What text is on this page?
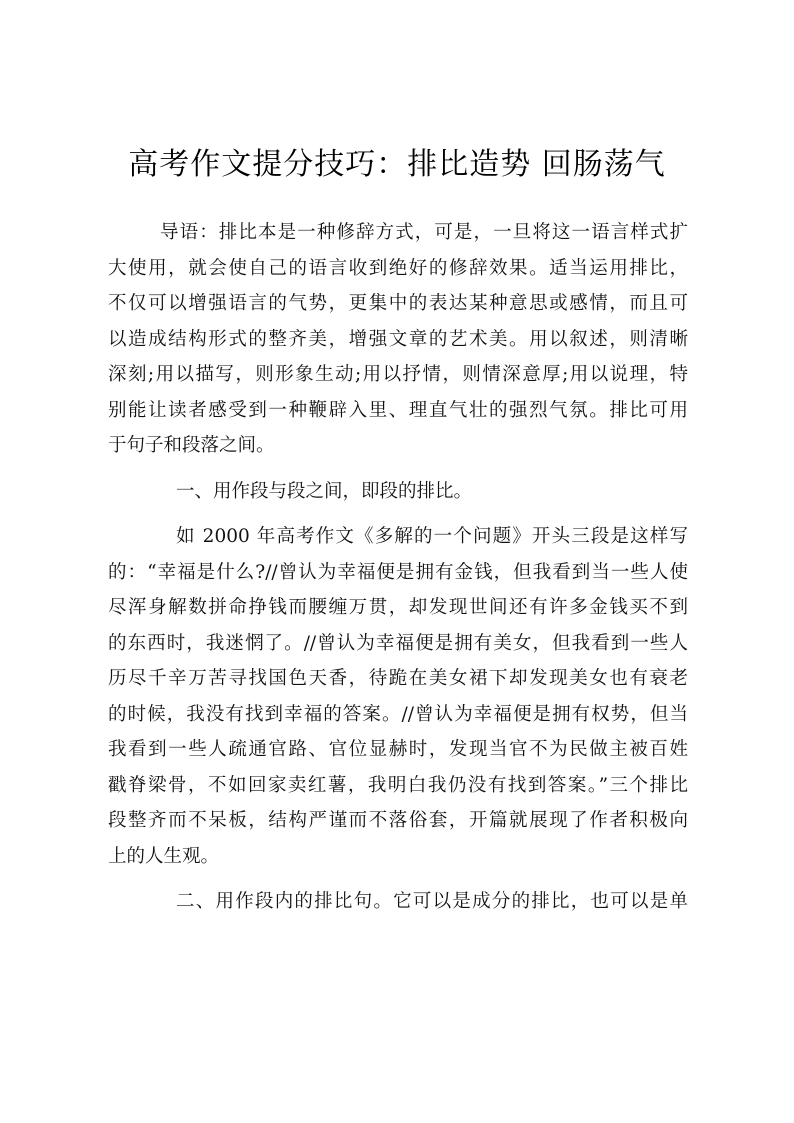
高考作文提分技巧：排比造势 回肠荡气
导语：排比本是一种修辞方式，可是，一旦将这一语言样式扩
大使用，就会使自己的语言收到绝好的修辞效果。适当运用排比，
不仅可以增强语言的气势，更集中的表达某种意思或感情，而且可
以造成结构形式的整齐美，增强文章的艺术美。用以叙述，则清晰
深刻;用以描写，则形象生动;用以抒情，则情深意厚;用以说理，特
别能让读者感受到一种鞭辟入里、理直气壮的强烈气氛。排比可用
于句子和段落之间。
一、用作段与段之间，即段的排比。
如 2000 年高考作文《多解的一个问题》开头三段是这样写
的：“幸福是什么?//曾认为幸福便是拥有金钱，但我看到当一些人使
尽浑身解数拼命挣钱而腰缠万贯，却发现世间还有许多金钱买不到
的东西时，我迷惘了。//曾认为幸福便是拥有美女，但我看到一些人
历尽千辛万苦寻找国色天香，待跪在美女裙下却发现美女也有衰老
的时候，我没有找到幸福的答案。//曾认为幸福便是拥有权势，但当
我看到一些人疏通官路、官位显赫时，发现当官不为民做主被百姓
戳脊梁骨，不如回家卖红薯，我明白我仍没有找到答案。”三个排比
段整齐而不呆板，结构严谨而不落俗套，开篇就展现了作者积极向
上的人生观。
二、用作段内的排比句。它可以是成分的排比，也可以是单
